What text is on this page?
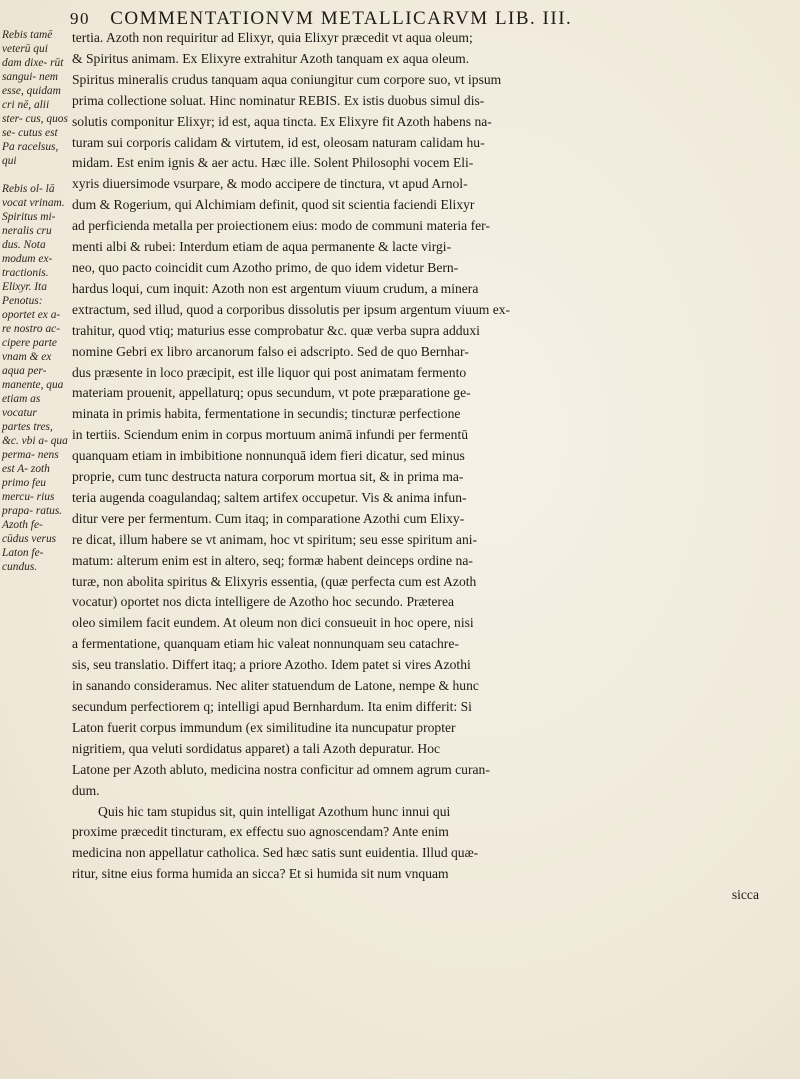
90 COMMENTATIONVM METALLICARVM LIB. III.
Rebis tamē veterū qui dam dixe- rūt sangui- nem esse, quidam cri nē, alii ster- cus, quos se- cutus est Pa racelsus, qui
Rebis ol- lā vocat vrinam. Spiritus mi- neralis cru dus. Nota modum ex- tractionis. Elixyr. Ita Penotus: oportet ex a- re nostro ac- cipere parte vnam & ex aqua per- manente, qua etiam as vocatur partes tres, &c. vbi a- qua perma- nens est A- zoth primo feu mercu- rius prapa- ratus. Azoth fe- cūdus verus Laton fe- cundus.
tertia. Azoth non requiritur ad Elixyr, quia Elixyr præcedit vt aqua oleum;
& Spiritus animam. Ex Elixyre extrahitur Azoth tanquam ex aqua oleum.
Spiritus mineralis crudus tanquam aqua coniungitur cum corpore suo, vt ipsum
prima collectione soluat. Hinc nominatur REBIS. Ex istis duobus simul dis-
solutis componitur Elixyr; id est, aqua tincta. Ex Elixyre fit Azoth habens na-
turam sui corporis calidam & virtutem, id est, oleosam naturam calidam hu-
midam. Est enim ignis & aer actu. Hæc ille. Solent Philosophi vocem Eli-
xyris diuersimode vsurpare, & modo accipere de tinctura, vt apud Arnol-
dum & Rogerium, qui Alchimiam definit, quod sit scientia faciendi Elixyr
ad perficienda metalla per proiectionem eius: modo de communi materia fer-
menti albi & rubei: Interdum etiam de aqua permanente & lacte virgi-
neo, quo pacto coincidit cum Azotho primo, de quo idem videtur Bern-
hardus loqui, cum inquit: Azoth non est argentum viuum crudum, a minera
extractum, sed illud, quod a corporibus dissolutis per ipsum argentum viuum ex-
trahitur, quod vtiq; maturius esse comprobatur &c. quæ verba supra adduxi
nomine Gebri ex libro arcanorum falso ei adscripto. Sed de quo Bernhar-
dus præsente in loco præcipit, est ille liquor qui post animatam fermento
materiam prouenit, appellaturq; opus secundum, vt pote præparatione ge-
minata in primis habita, fermentatione in secundis; tincturæ perfectione
in tertiis. Sciendum enim in corpus mortuum animā infundi per fermentū
quanquam etiam in imbibitione nonnunquā idem fieri dicatur, sed minus
proprie, cum tunc destructa natura corporum mortua sit, & in prima ma-
teria augenda coagulandaq; saltem artifex occupetur. Vis & anima infun-
ditur vere per fermentum. Cum itaq; in comparatione Azothi cum Elixy-
re dicat, illum habere se vt animam, hoc vt spiritum; seu esse spiritum ani-
matum: alterum enim est in altero, seq; formæ habent deinceps ordine na-
turæ, non abolita spiritus & Elixyris essentia, (quæ perfecta cum est Azoth
vocatur) oportet nos dicta intelligere de Azotho hoc secundo. Præterea
oleo similem facit eundem. At oleum non dici consueuit in hoc opere, nisi
a fermentatione, quanquam etiam hic valeat nonnunquam seu catachre-
sis, seu translatio. Differt itaq; a priore Azotho. Idem patet si vires Azothi
in sanando consideramus. Nec aliter statuendum de Latone, nempe & hunc
secundum perfectiorem q; intelligi apud Bernhardum. Ita enim differit: Si
Laton fuerit corpus immundum (ex similitudine ita nuncupatur propter
nigritiem, qua veluti sordidatus apparet) a tali Azoth depuratur. Hoc
Latone per Azoth abluto, medicina nostra conficitur ad omnem agrum curan-
dum.
Quis hic tam stupidus sit, quin intelligat Azothum hunc innui qui
proxime præcedit tincturam, ex effectu suo agnoscendam? Ante enim
medicina non appellatur catholica. Sed hæc satis sunt euidentia. Illud quæ-
ritur, sitne eius forma humida an sicca? Et si humida sit num vnquam
sicca
